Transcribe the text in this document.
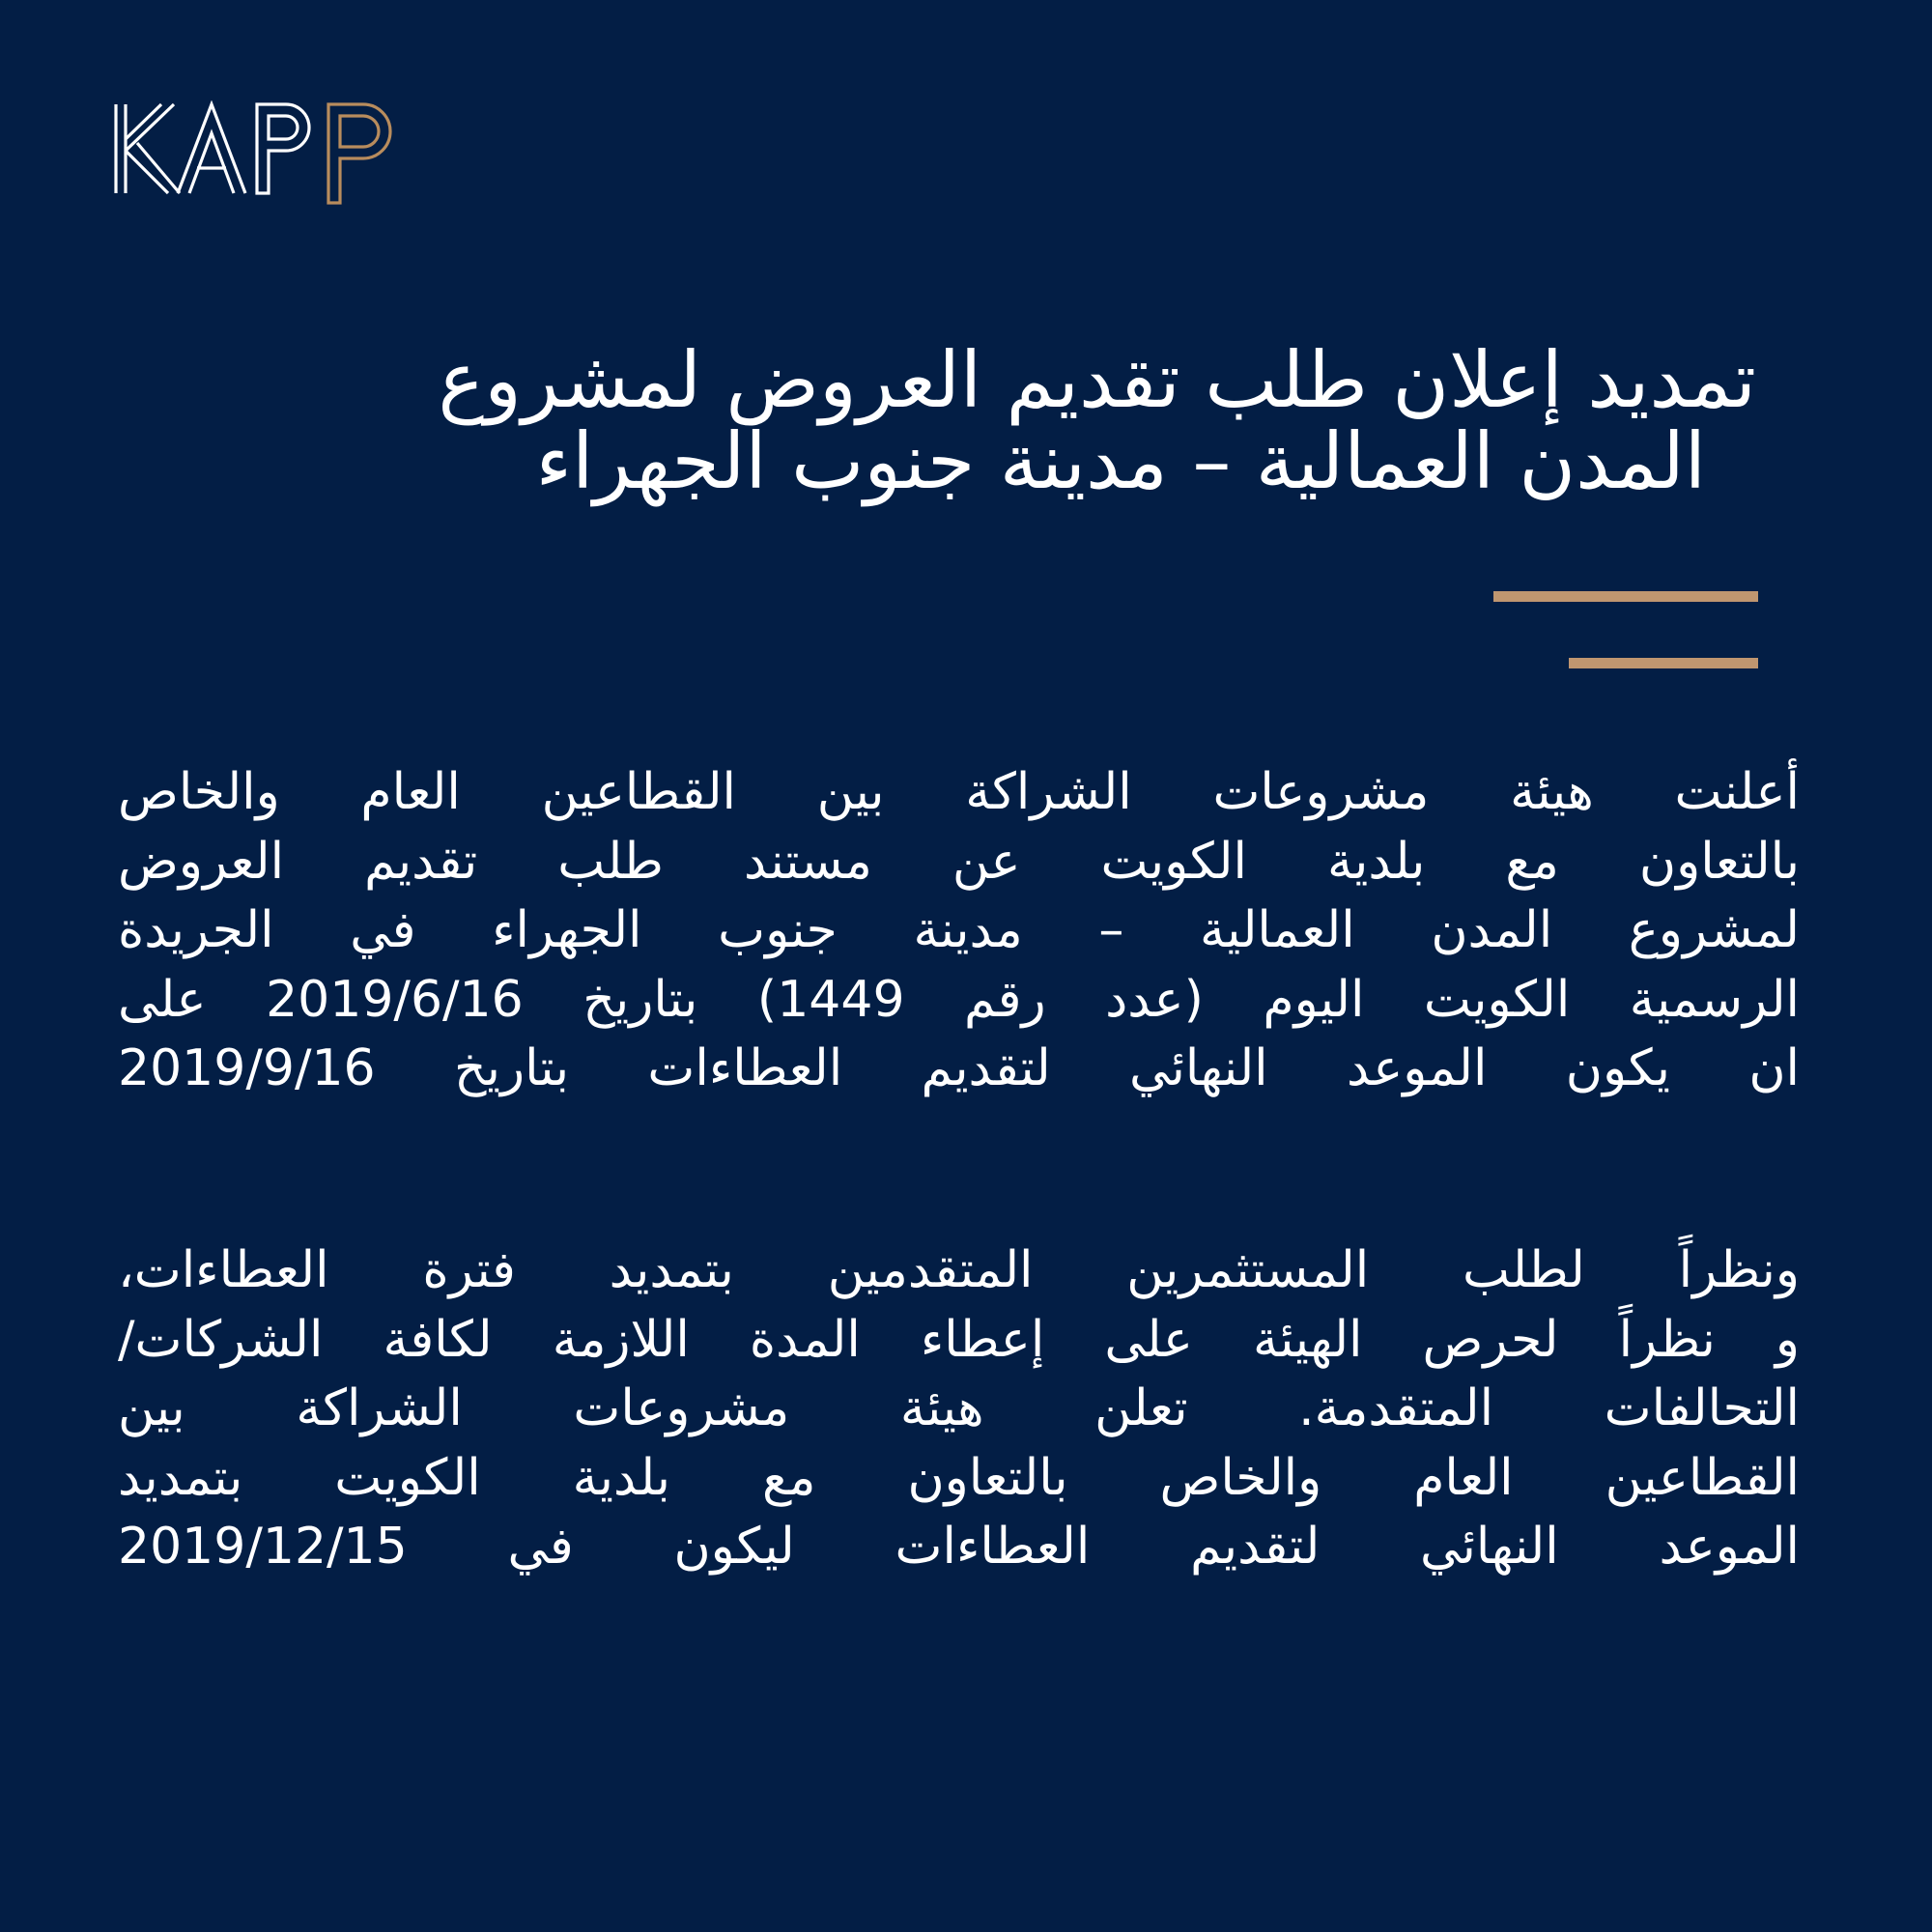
تمديد إعلان طلب تقديم العروض لمشروع
المدن العمالية – مدينة جنوب الجهراء
أعلنت هيئة مشروعات الشراكة بين القطاعين العام والخاص
بالتعاون مع بلدية الكويت عن مستند طلب تقديم العروض
لمشروع المدن العمالية – مدينة جنوب الجهراء في الجريدة
الرسمية الكويت اليوم (عدد رقم 1449) بتاريخ 2019/6/16 على
ان يكون الموعد النهائي لتقديم العطاءات بتاريخ 2019/9/16
ونظراً لطلب المستثمرين المتقدمين بتمديد فترة العطاءات،
و نظراً لحرص الهيئة على إعطاء المدة اللازمة لكافة الشركات/
التحالفات المتقدمة. تعلن هيئة مشروعات الشراكة بين
القطاعين العام والخاص بالتعاون مع بلدية الكويت بتمديد
الموعد النهائي لتقديم العطاءات ليكون في 2019/12/15
